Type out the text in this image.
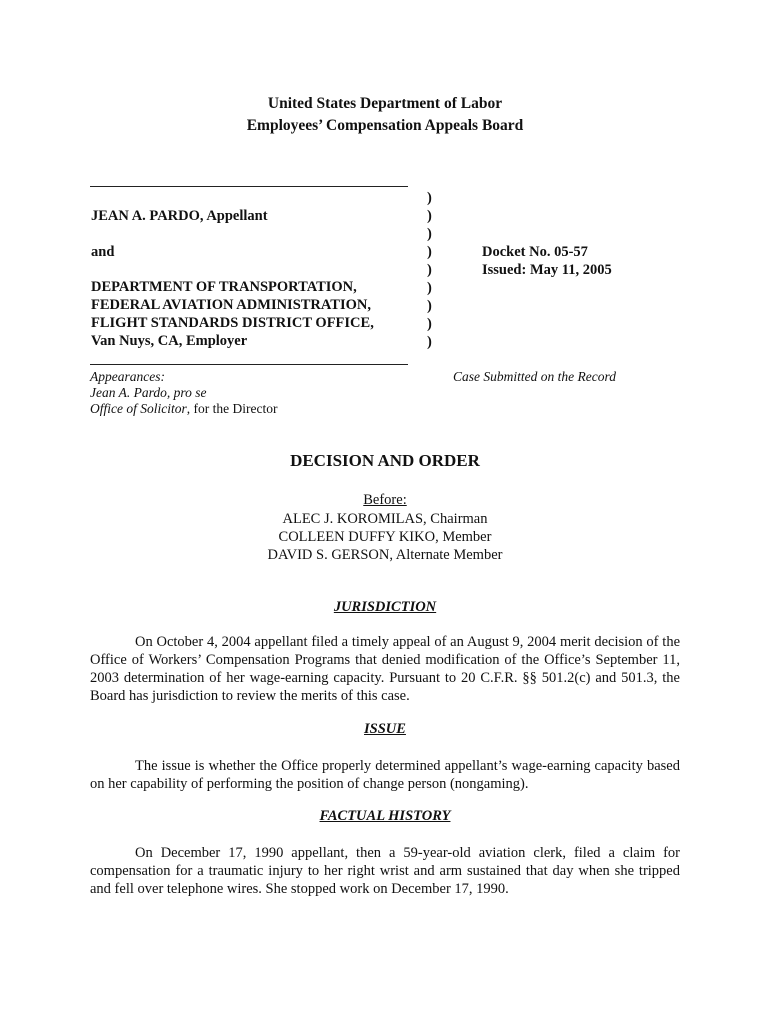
United States Department of Labor
Employees’ Compensation Appeals Board
JEAN A. PARDO, Appellant
and
DEPARTMENT OF TRANSPORTATION,
FEDERAL AVIATION ADMINISTRATION,
FLIGHT STANDARDS DISTRICT OFFICE,
Van Nuys, CA, Employer
)
)
)
)
)
)
)
)
)
Docket No. 05-57
Issued: May 11, 2005
Appearances:
Jean A. Pardo, pro se
Office of Solicitor, for the Director
Case Submitted on the Record
DECISION AND ORDER
Before:
ALEC J. KOROMILAS, Chairman
COLLEEN DUFFY KIKO, Member
DAVID S. GERSON, Alternate Member
JURISDICTION
On October 4, 2004 appellant filed a timely appeal of an August 9, 2004 merit decision of the Office of Workers’ Compensation Programs that denied modification of the Office’s September 11, 2003 determination of her wage-earning capacity. Pursuant to 20 C.F.R. §§ 501.2(c) and 501.3, the Board has jurisdiction to review the merits of this case.
ISSUE
The issue is whether the Office properly determined appellant’s wage-earning capacity based on her capability of performing the position of change person (nongaming).
FACTUAL HISTORY
On December 17, 1990 appellant, then a 59-year-old aviation clerk, filed a claim for compensation for a traumatic injury to her right wrist and arm sustained that day when she tripped and fell over telephone wires. She stopped work on December 17, 1990.
